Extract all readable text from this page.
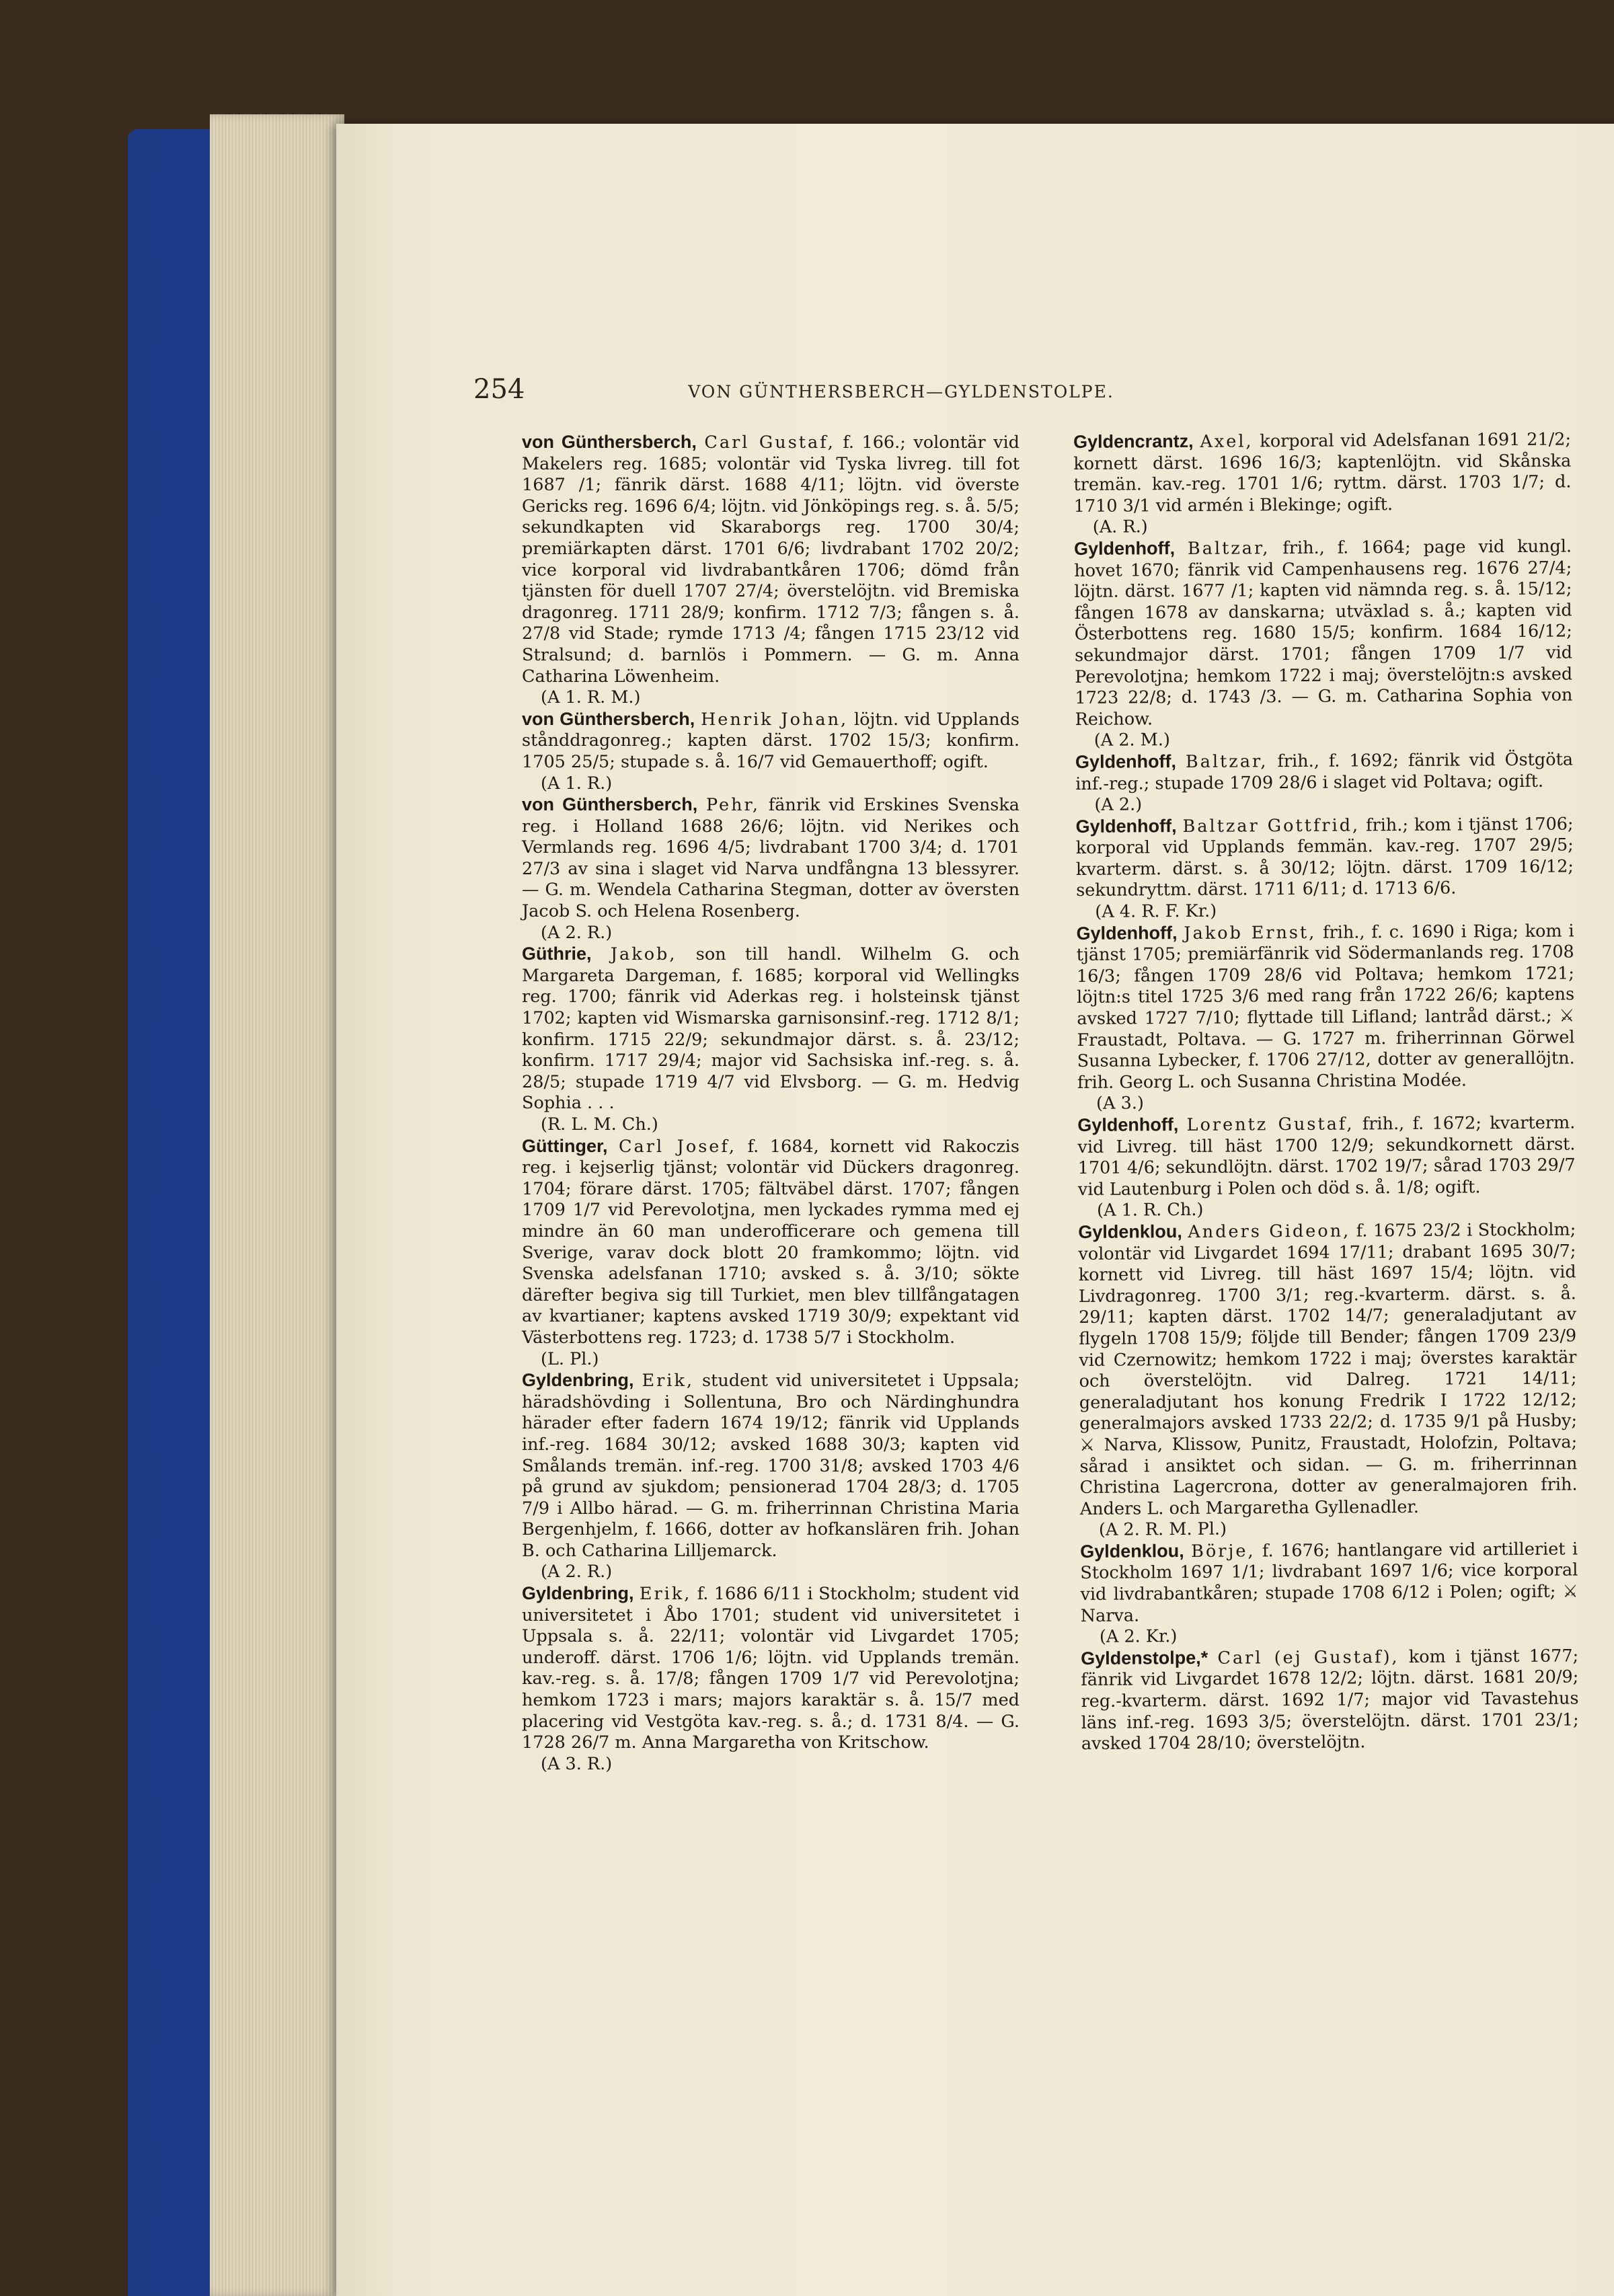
254	VON GÜNTHERSBERCH—GYLDENSTOLPE.

von Günthersberch, Carl Gustaf, f. 166.; volontär vid Makelers reg. 1685; volontär vid Tyska livreg. till fot 1687 /1; fänrik därst. 1688 4/11; löjtn. vid överste Gericks reg. 1696 6/4; löjtn. vid Jönköpings reg. s. å. 5/5; sekundkapten vid Skaraborgs reg. 1700 30/4; premiärkapten därst. 1701 6/6; livdrabant 1702 20/2; vice korporal vid livdrabantkåren 1706; dömd från tjänsten för duell 1707 27/4; överstelöjtn. vid Bremiska dragonreg. 1711 28/9; konfirm. 1712 7/3; fången s. å. 27/8 vid Stade; rymde 1713 /4; fången 1715 23/12 vid Stralsund; d. barnlös i Pommern. — G. m. Anna Catharina Löwenheim.
(A 1. R. M.)

von Günthersberch, Henrik Johan, löjtn. vid Upplands stånddragonreg.; kapten därst. 1702 15/3; konfirm. 1705 25/5; stupade s. å. 16/7 vid Gemauerthoff; ogift.
(A 1. R.)

von Günthersberch, Pehr, fänrik vid Erskines Svenska reg. i Holland 1688 26/6; löjtn. vid Nerikes och Vermlands reg. 1696 4/5; livdrabant 1700 3/4; d. 1701 27/3 av sina i slaget vid Narva undfångna 13 blessyrer. — G. m. Wendela Catharina Stegman, dotter av översten Jacob S. och Helena Rosenberg.
(A 2. R.)

Güthrie, Jakob, son till handl. Wilhelm G. och Margareta Dargeman, f. 1685; korporal vid Wellingks reg. 1700; fänrik vid Aderkas reg. i holsteinsk tjänst 1702; kapten vid Wismarska garnisonsinf.-reg. 1712 8/1; konfirm. 1715 22/9; sekundmajor därst. s. å. 23/12; konfirm. 1717 29/4; major vid Sachsiska inf.-reg. s. å. 28/5; stupade 1719 4/7 vid Elvsborg. — G. m. Hedvig Sophia . . .
(R. L. M. Ch.)

Güttinger, Carl Josef, f. 1684, kornett vid Rakoczis reg. i kejserlig tjänst; volontär vid Dückers dragonreg. 1704; förare därst. 1705; fältväbel därst. 1707; fången 1709 1/7 vid Perevolotjna, men lyckades rymma med ej mindre än 60 man underofficerare och gemena till Sverige, varav dock blott 20 framkommo; löjtn. vid Svenska adelsfanan 1710; avsked s. å. 3/10; sökte därefter begiva sig till Turkiet, men blev tillfångatagen av kvartianer; kaptens avsked 1719 30/9; expektant vid Västerbottens reg. 1723; d. 1738 5/7 i Stockholm.
(L. Pl.)

Gyldenbring, Erik, student vid universitetet i Uppsala; häradshövding i Sollentuna, Bro och Närdinghundra härader efter fadern 1674 19/12; fänrik vid Upplands inf.-reg. 1684 30/12; avsked 1688 30/3; kapten vid Smålands tremän. inf.-reg. 1700 31/8; avsked 1703 4/6 på grund av sjukdom; pensionerad 1704 28/3; d. 1705 7/9 i Allbo härad. — G. m. friherrinnan Christina Maria Bergenhjelm, f. 1666, dotter av hofkanslären frih. Johan B. och Catharina Lilljemarck.
(A 2. R.)

Gyldenbring, Erik, f. 1686 6/11 i Stockholm; student vid universitetet i Åbo 1701; student vid universitetet i Uppsala s. å. 22/11; volontär vid Livgardet 1705; underoff. därst. 1706 1/6; löjtn. vid Upplands tremän. kav.-reg. s. å. 17/8; fången 1709 1/7 vid Perevolotjna; hemkom 1723 i mars; majors karaktär s. å. 15/7 med placering vid Vestgöta kav.-reg. s. å.; d. 1731 8/4. — G. 1728 26/7 m. Anna Margaretha von Kritschow.
(A 3. R.)

Gyldencrantz, Axel, korporal vid Adelsfanan 1691 21/2; kornett därst. 1696 16/3; kaptenlöjtn. vid Skånska tremän. kav.-reg. 1701 1/6; ryttm. därst. 1703 1/7; d. 1710 3/1 vid armén i Blekinge; ogift.
(A. R.)

Gyldenhoff, Baltzar, frih., f. 1664; page vid kungl. hovet 1670; fänrik vid Campenhausens reg. 1676 27/4; löjtn. därst. 1677 /1; kapten vid nämnda reg. s. å. 15/12; fången 1678 av danskarna; utväxlad s. å.; kapten vid Österbottens reg. 1680 15/5; konfirm. 1684 16/12; sekundmajor därst. 1701; fången 1709 1/7 vid Perevolotjna; hemkom 1722 i maj; överstelöjtn:s avsked 1723 22/8; d. 1743 /3. — G. m. Catharina Sophia von Reichow.
(A 2. M.)

Gyldenhoff, Baltzar, frih., f. 1692; fänrik vid Östgöta inf.-reg.; stupade 1709 28/6 i slaget vid Poltava; ogift.
(A 2.)

Gyldenhoff, Baltzar Gottfrid, frih.; kom i tjänst 1706; korporal vid Upplands femmän. kav.-reg. 1707 29/5; kvarterm. därst. s. å 30/12; löjtn. därst. 1709 16/12; sekundryttm. därst. 1711 6/11; d. 1713 6/6.
(A 4. R. F. Kr.)

Gyldenhoff, Jakob Ernst, frih., f. c. 1690 i Riga; kom i tjänst 1705; premiärfänrik vid Södermanlands reg. 1708 16/3; fången 1709 28/6 vid Poltava; hemkom 1721; löjtn:s titel 1725 3/6 med rang från 1722 26/6; kaptens avsked 1727 7/10; flyttade till Lifland; lantråd därst.; ⚔ Fraustadt, Poltava. — G. 1727 m. friherrinnan Görwel Susanna Lybecker, f. 1706 27/12, dotter av generallöjtn. frih. Georg L. och Susanna Christina Modée.
(A 3.)

Gyldenhoff, Lorentz Gustaf, frih., f. 1672; kvarterm. vid Livreg. till häst 1700 12/9; sekundkornett därst. 1701 4/6; sekundlöjtn. därst. 1702 19/7; sårad 1703 29/7 vid Lautenburg i Polen och död s. å. 1/8; ogift.
(A 1. R. Ch.)

Gyldenklou, Anders Gideon, f. 1675 23/2 i Stockholm; volontär vid Livgardet 1694 17/11; drabant 1695 30/7; kornett vid Livreg. till häst 1697 15/4; löjtn. vid Livdragonreg. 1700 3/1; reg.-kvarterm. därst. s. å. 29/11; kapten därst. 1702 14/7; generaladjutant av flygeln 1708 15/9; följde till Bender; fången 1709 23/9 vid Czernowitz; hemkom 1722 i maj; överstes karaktär och överstelöjtn. vid Dalreg. 1721 14/11; generaladjutant hos konung Fredrik I 1722 12/12; generalmajors avsked 1733 22/2; d. 1735 9/1 på Husby; ⚔ Narva, Klissow, Punitz, Fraustadt, Holofzin, Poltava; sårad i ansiktet och sidan. — G. m. friherrinnan Christina Lagercrona, dotter av generalmajoren frih. Anders L. och Margaretha Gyllenadler.
(A 2. R. M. Pl.)

Gyldenklou, Börje, f. 1676; hantlangare vid artilleriet i Stockholm 1697 1/1; livdrabant 1697 1/6; vice korporal vid livdrabantkåren; stupade 1708 6/12 i Polen; ogift; ⚔ Narva.
(A 2. Kr.)

Gyldenstolpe,* Carl (ej Gustaf), kom i tjänst 1677; fänrik vid Livgardet 1678 12/2; löjtn. därst. 1681 20/9; reg.-kvarterm. därst. 1692 1/7; major vid Tavastehus läns inf.-reg. 1693 3/5; överstelöjtn. därst. 1701 23/1; avsked 1704 28/10; överstelöjtn.
